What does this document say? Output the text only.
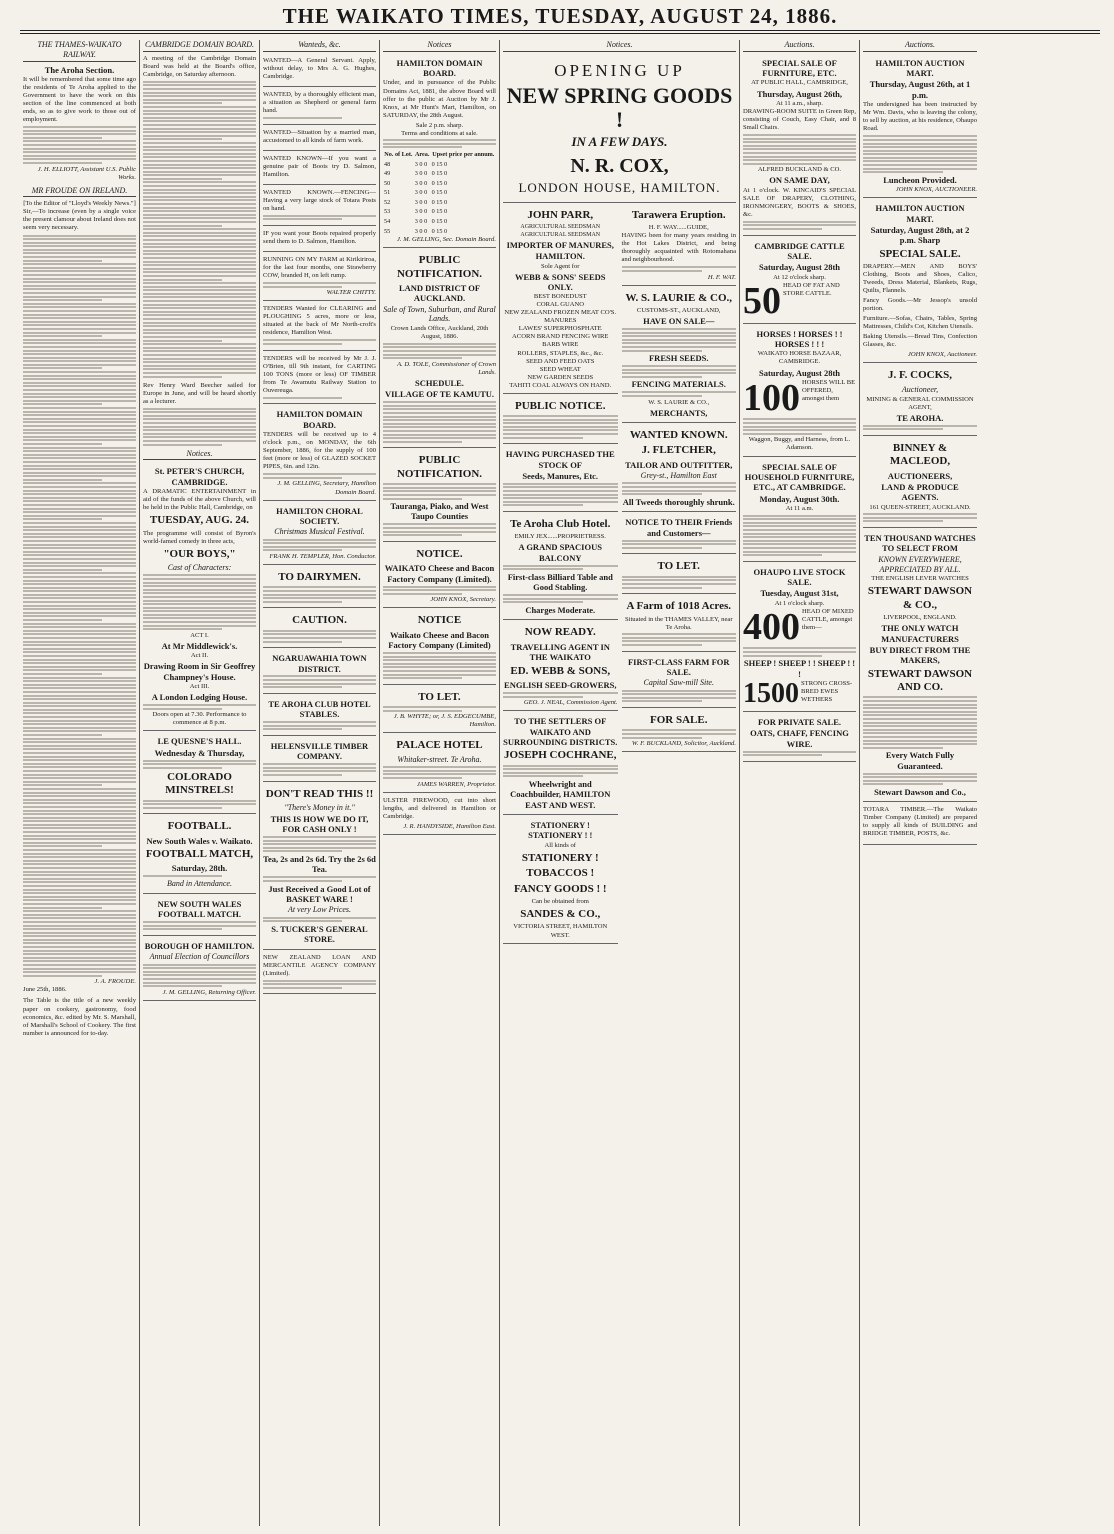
THE WAIKATO TIMES, TUESDAY, AUGUST 24, 1886.
THE THAMES-WAIKATO RAILWAY.
The Aroha Section.

It will be remembered that some time ago the residents of Te Aroha applied to the Government to have the work on this section of the line commenced at both ends, so as to give work to those out of employment.

J. H. ELLIOTT, Assistant U.S. Public Works.
MR FROUDE ON IRELAND.
[To the Editor of "Lloyd's Weekly News."]

Sir,—To increase (even by a single voice the present clamour about Ireland does not seem very necessary.

J. A. FROUDE.
June 25th, 1886.

The Table is the title of a new weekly paper on cookery, gastronomy, food economics, &c. edited by Mr. S. Marshall, of Marshall's School of Cookery. The first number is announced for to-day.

CAMBRIDGE DOMAIN BOARD.

A meeting of the Cambridge Domain Board was held at the Board's office, Cambridge, on Saturday afternoon.

Rev Henry Ward Beecher sailed for Europe in June, and will be heard shortly as a lecturer.

Notices.
St. PETER'S CHURCH, CAMBRIDGE.

A DRAMATIC ENTERTAINMENT in aid of the funds of the above Church, will be held in the Public Hall, Cambridge, on

TUESDAY, AUG. 24.

The programme will consist of Byron's world-famed comedy in three acts,

"OUR BOYS,"
Cast of Characters:
ACT I.
At Mr Middlewick's.
Act II.
Drawing Room in Sir Geoffrey Champney's House.
Act III.
A London Lodging House.
Doors open at 7.30. Performance to commence at 8 p.m.
LE QUESNE'S HALL.
Wednesday & Thursday,
COLORADO MINSTRELS!
FOOTBALL.
New South Wales v. Waikato.
FOOTBALL MATCH,
Saturday, 28th.
Band in Attendance.
NEW SOUTH WALES FOOTBALL MATCH.
BOROUGH OF HAMILTON.
Annual Election of Councillors
J. M. GELLING, Returning Officer.
Wanteds, &c.

WANTED—A General Servant. Apply, without delay, to Mrs A. G. Hughes, Cambridge.

WANTED, by a thoroughly efficient man, a situation as Shepherd or general farm hand.

WANTED—Situation by a married man, accustomed to all kinds of farm work.

WANTED KNOWN—If you want a genuine pair of Boots try D. Salmon, Hamilton.

WANTED KNOWN.—FENCING—Having a very large stock of Totara Posts on hand.

IF you want your Boots repaired properly send them to D. Salmon, Hamilton.

RUNNING ON MY FARM at Kirikiriroa, for the last four months, one Strawberry COW, branded H, on left rump.

WALTER CHITTY.

TENDERS Wanted for CLEARING and PLOUGHING 5 acres, more or less, situated at the back of Mr North-croft's residence, Hamilton West.

TENDERS will be received by Mr J. J. O'Brien, till 9th instant, for CARTING 100 TONS (more or less) OF TIMBER from Te Awamutu Railway Station to Ouvereuga.

HAMILTON DOMAIN BOARD.

TENDERS will be received up to 4 o'clock p.m., on MONDAY, the 6th September, 1886, for the supply of 100 feet (more or less) of GLAZED SOCKET PIPES, 6in. and 12in.

J. M. GELLING, Secretary, Hamilton Domain Board.
HAMILTON CHORAL SOCIETY.
Christmas Musical Festival.
FRANK H. TEMPLER, Hon. Conductor.
TO DAIRYMEN.
CAUTION.
NGARUAWAHIA TOWN DISTRICT.
TE AROHA CLUB HOTEL STABLES.
HELENSVILLE TIMBER COMPANY.
DON'T READ THIS !!
"There's Money in it."
THIS IS HOW WE DO IT, FOR CASH ONLY !
Tea, 2s and 2s 6d. Try the 2s 6d Tea.
Just Received a Good Lot of BASKET WARE !
At very Low Prices.
S. TUCKER'S GENERAL STORE.

NEW ZEALAND LOAN AND MERCANTILE AGENCY COMPANY (Limited).

Notices
HAMILTON DOMAIN BOARD.

Under, and in pursuance of the Public Domains Act, 1881, the above Board will offer to the public at Auction by Mr J. Knox, at Mr Hunt's Mart, Hamilton, on SATURDAY, the 28th August.

Sale 2 p.m. sharp.
Terms and conditions at sale.
No. of Lot.	Area.	Upset price per annum.
48	3 0 0	0 15 0
49	3 0 0	0 15 0
50	3 0 0	0 15 0
51	3 0 0	0 15 0
52	3 0 0	0 15 0
53	3 0 0	0 15 0
54	3 0 0	0 15 0
55	3 0 0	0 15 0
J. M. GELLING, Sec. Domain Board.
PUBLIC NOTIFICATION.
LAND DISTRICT OF AUCKLAND.
Sale of Town, Suburban, and Rural Lands.
Crown Lands Office, Auckland, 20th August, 1886.
A. D. TOLE, Commissioner of Crown Lands.
SCHEDULE.
VILLAGE OF TE KAMUTU.
PUBLIC NOTIFICATION.
Tauranga, Piako, and West Taupo Counties
NOTICE.
WAIKATO Cheese and Bacon Factory Company (Limited).
JOHN KNOX, Secretary.
NOTICE
Waikato Cheese and Bacon Factory Company (Limited)
TO LET.
J. B. WHYTE; or, J. S. EDGECUMBE, Hamilton.
PALACE HOTEL
Whitaker-street. Te Aroha.
JAMES WARREN, Proprietor.

ULSTER FIREWOOD, cut into short lengths, and delivered in Hamilton or Cambridge.

J. R. HANDYSIDE, Hamilton East.
Notices.
OPENING UP
NEW SPRING GOODS !
IN A FEW DAYS.
N. R. COX,
LONDON HOUSE, HAMILTON.
JOHN PARR,
AGRICULTURAL SEEDSMAN AGRICULTURAL SEEDSMAN
IMPORTER OF MANURES,
HAMILTON.
Sole Agent for
WEBB & SONS' SEEDS ONLY.
BEST BONEDUST
CORAL GUANO
NEW ZEALAND FROZEN MEAT CO'S. MANURES
LAWES' SUPERPHOSPHATE
ACORN BRAND FENCING WIRE
BARB WIRE
ROLLERS, STAPLES, &c., &c.
SEED AND FEED OATS
SEED WHEAT
NEW GARDEN SEEDS
TAHITI COAL ALWAYS ON HAND.
PUBLIC NOTICE.
HAVING PURCHASED THE STOCK OF
Seeds, Manures, Etc.
Te Aroha Club Hotel.
EMILY JEX......PROPRIETRESS.
A GRAND SPACIOUS BALCONY
First-class Billiard Table and Good Stabling.
Charges Moderate.
NOW READY.
TRAVELLING AGENT IN THE WAIKATO
ED. WEBB & SONS,
ENGLISH SEED-GROWERS,
GEO. J. NEAL, Commission Agent.
TO THE SETTLERS OF WAIKATO AND SURROUNDING DISTRICTS.
JOSEPH COCHRANE,
Wheelwright and Coachbuilder, HAMILTON EAST AND WEST.
STATIONERY ! STATIONERY ! !
All kinds of
STATIONERY !
TOBACCOS !
FANCY GOODS ! !
Can be obtained from
SANDES & CO.,
VICTORIA STREET, HAMILTON WEST.
Tarawera Eruption.
H. F. WAY......GUIDE,

HAVING been for many years residing in the Hot Lakes District, and being thoroughly acquainted with Rotomahana and neighbourhood.

H. F. WAT.
W. S. LAURIE & CO.,
CUSTOMS-ST., AUCKLAND,
HAVE ON SALE—
FRESH SEEDS.
FENCING MATERIALS.
W. S. LAURIE & CO.,
MERCHANTS,
WANTED KNOWN.
J. FLETCHER,
TAILOR AND OUTFITTER,
Grey-st., Hamilton East
All Tweeds thoroughly shrunk.
NOTICE TO THEIR Friends and Customers—
TO LET.
A Farm of 1018 Acres.
Situated in the THAMES VALLEY, near Te Aroha.
FIRST-CLASS FARM FOR SALE.
Capital Saw-mill Site.
FOR SALE.
W. F. BUCKLAND, Solicitor, Auckland.
Auctions.
SPECIAL SALE OF FURNITURE, ETC.
AT PUBLIC HALL, CAMBRIDGE,
Thursday, August 26th,
At 11 a.m., sharp.

DRAWING-ROOM SUITE in Green Rep, consisting of Couch, Easy Chair, and 8 Small Chairs.

ALFRED BUCKLAND & CO.
ON SAME DAY,

At 1 o'clock. W. KINCAID'S SPECIAL SALE OF DRAPERY, CLOTHING, IRONMONGERY, BOOTS & SHOES, &c.

CAMBRIDGE CATTLE SALE.
Saturday, August 28th
At 12 o'clock sharp.
50 HEAD OF FAT AND STORE CATTLE.
HORSES ! HORSES ! ! HORSES ! ! !
WAIKATO HORSE BAZAAR, CAMBRIDGE.
Saturday, August 28th
100 HORSES WILL BE OFFERED, amongst them
Waggon, Buggy, and Harness, from L. Adamson.
SPECIAL SALE OF HOUSEHOLD FURNITURE, ETC., AT CAMBRIDGE.
Monday, August 30th.
At 11 a.m.
OHAUPO LIVE STOCK SALE.
Tuesday, August 31st,
At 1 o'clock sharp.
400 HEAD OF MIXED CATTLE, amongst them—
SHEEP ! SHEEP ! ! SHEEP ! ! !
1500 STRONG CROSS-BRED EWES WETHERS
FOR PRIVATE SALE.
OATS, CHAFF, FENCING WIRE.
Auctions.
HAMILTON AUCTION MART.
Thursday, August 26th, at 1 p.m.

The undersigned has been instructed by Mr Wm. Davis, who is leaving the colony, to sell by auction, at his residence, Ohaupo Road.

Luncheon Provided.
JOHN KNOX, AUCTIONEER.
HAMILTON AUCTION MART.
Saturday, August 28th, at 2 p.m. Sharp
SPECIAL SALE.

DRAPERY.—MEN AND BOYS' Clothing, Boots and Shoes, Calico, Tweeds, Dress Material, Blankets, Rugs, Quilts, Flannels.

Fancy Goods.—Mr Jessop's unsold portion.

Furniture.—Sofas, Chairs, Tables, Spring Mattresses, Child's Cot, Kitchen Utensils.

Baking Utensils.—Bread Tins, Confection Glasses, &c.

JOHN KNOX, Auctioneer.
J. F. COCKS,
Auctioneer,
MINING & GENERAL COMMISSION AGENT,
TE AROHA.
BINNEY & MACLEOD,
AUCTIONEERS,
LAND & PRODUCE AGENTS.
161 QUEEN-STREET, AUCKLAND.
TEN THOUSAND WATCHES TO SELECT FROM
KNOWN EVERYWHERE, APPRECIATED BY ALL.
THE ENGLISH LEVER WATCHES
STEWART DAWSON & CO.,
LIVERPOOL, ENGLAND.
THE ONLY WATCH MANUFACTURERS
BUY DIRECT FROM THE MAKERS,
STEWART DAWSON AND CO.
Every Watch Fully Guaranteed.
Stewart Dawson and Co.,

TOTARA TIMBER.—The Waikato Timber Company (Limited) are prepared to supply all kinds of BUILDING and BRIDGE TIMBER, POSTS, &c.
